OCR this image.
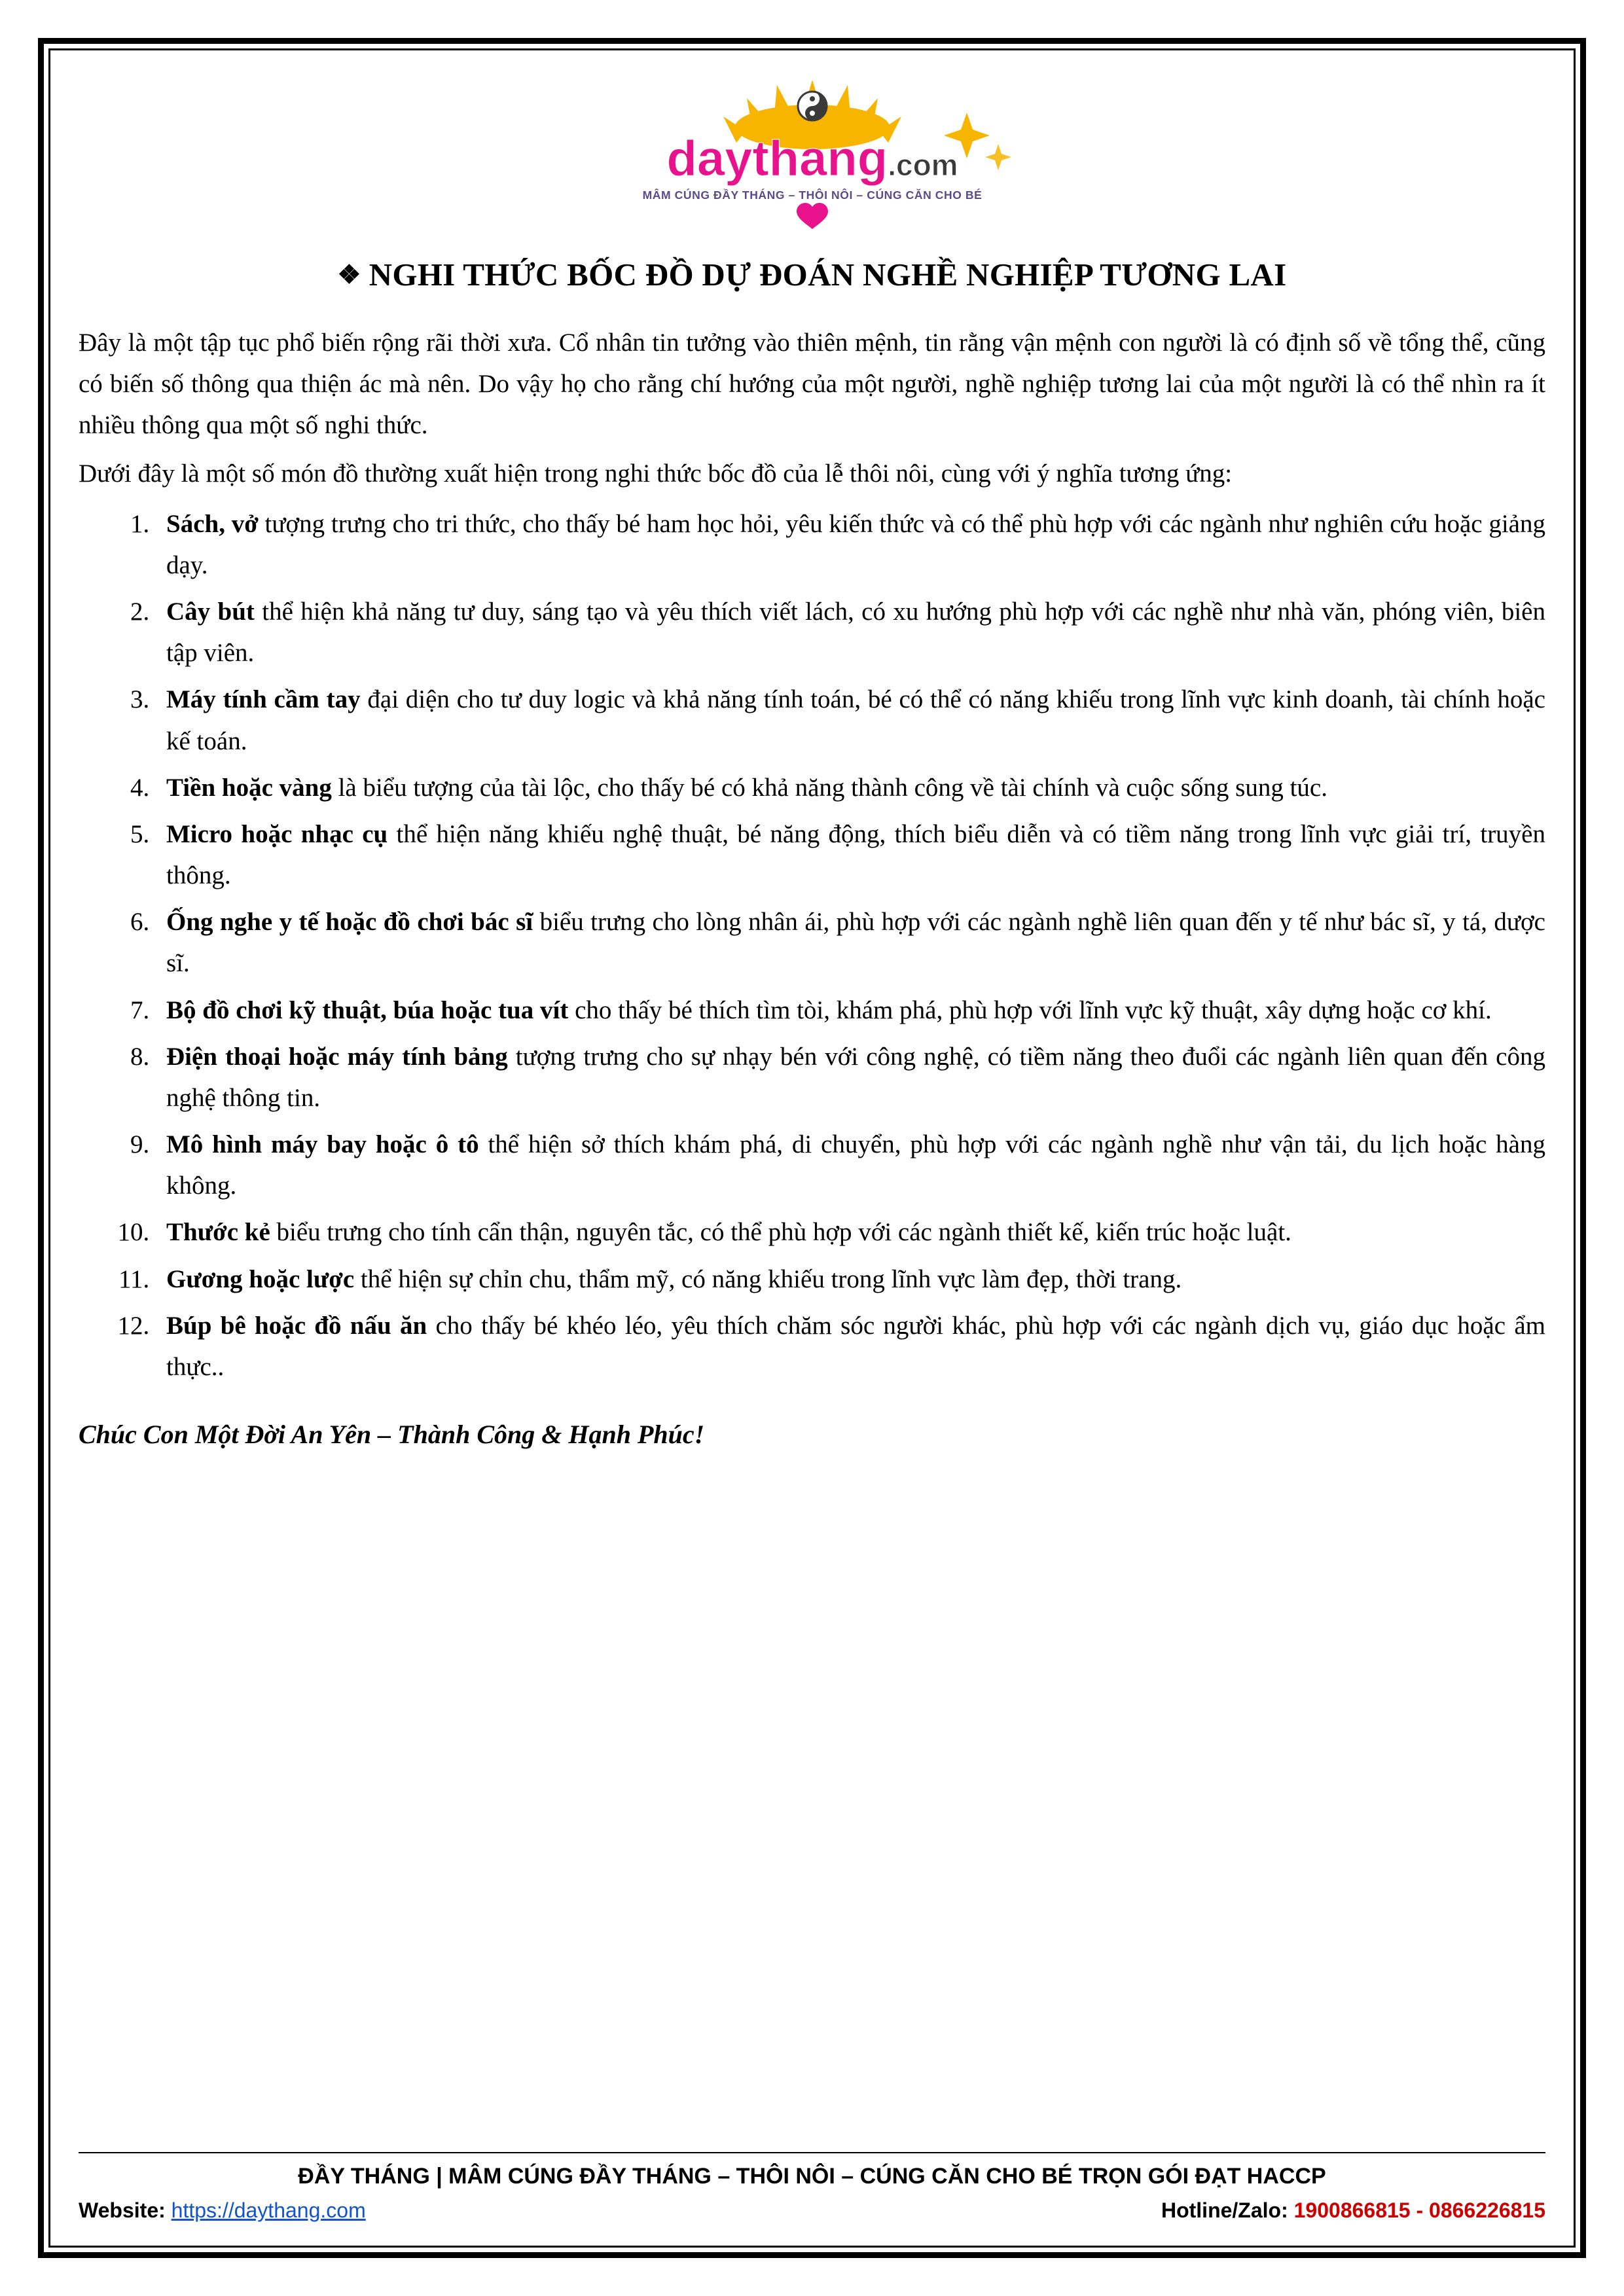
daythang.com
MÂM CÚNG ĐẦY THÁNG – THÔI NÔI – CÚNG CĂN CHO BÉ
❖ NGHI THỨC BỐC ĐỒ DỰ ĐOÁN NGHỀ NGHIỆP TƯƠNG LAI

Đây là một tập tục phổ biến rộng rãi thời xưa. Cổ nhân tin tưởng vào thiên mệnh, tin rằng vận mệnh con người là có định số về tổng thể, cũng có biến số thông qua thiện ác mà nên. Do vậy họ cho rằng chí hướng của một người, nghề nghiệp tương lai của một người là có thể nhìn ra ít nhiều thông qua một số nghi thức.

Dưới đây là một số món đồ thường xuất hiện trong nghi thức bốc đồ của lễ thôi nôi, cùng với ý nghĩa tương ứng:

1. Sách, vở tượng trưng cho tri thức, cho thấy bé ham học hỏi, yêu kiến thức và có thể phù hợp với các ngành như nghiên cứu hoặc giảng dạy.
2. Cây bút thể hiện khả năng tư duy, sáng tạo và yêu thích viết lách, có xu hướng phù hợp với các nghề như nhà văn, phóng viên, biên tập viên.
3. Máy tính cầm tay đại diện cho tư duy logic và khả năng tính toán, bé có thể có năng khiếu trong lĩnh vực kinh doanh, tài chính hoặc kế toán.
4. Tiền hoặc vàng là biểu tượng của tài lộc, cho thấy bé có khả năng thành công về tài chính và cuộc sống sung túc.
5. Micro hoặc nhạc cụ thể hiện năng khiếu nghệ thuật, bé năng động, thích biểu diễn và có tiềm năng trong lĩnh vực giải trí, truyền thông.
6. Ống nghe y tế hoặc đồ chơi bác sĩ biểu trưng cho lòng nhân ái, phù hợp với các ngành nghề liên quan đến y tế như bác sĩ, y tá, dược sĩ.
7. Bộ đồ chơi kỹ thuật, búa hoặc tua vít cho thấy bé thích tìm tòi, khám phá, phù hợp với lĩnh vực kỹ thuật, xây dựng hoặc cơ khí.
8. Điện thoại hoặc máy tính bảng tượng trưng cho sự nhạy bén với công nghệ, có tiềm năng theo đuổi các ngành liên quan đến công nghệ thông tin.
9. Mô hình máy bay hoặc ô tô thể hiện sở thích khám phá, di chuyển, phù hợp với các ngành nghề như vận tải, du lịch hoặc hàng không.
10. Thước kẻ biểu trưng cho tính cẩn thận, nguyên tắc, có thể phù hợp với các ngành thiết kế, kiến trúc hoặc luật.
11. Gương hoặc lược thể hiện sự chỉn chu, thẩm mỹ, có năng khiếu trong lĩnh vực làm đẹp, thời trang.
12. Búp bê hoặc đồ nấu ăn cho thấy bé khéo léo, yêu thích chăm sóc người khác, phù hợp với các ngành dịch vụ, giáo dục hoặc ẩm thực..
Chúc Con Một Đời An Yên – Thành Công & Hạnh Phúc!
ĐẦY THÁNG | MÂM CÚNG ĐẦY THÁNG – THÔI NÔI – CÚNG CĂN CHO BÉ TRỌN GÓI ĐẠT HACCP
Website: https://daythang.com	Hotline/Zalo: 1900866815 - 0866226815
